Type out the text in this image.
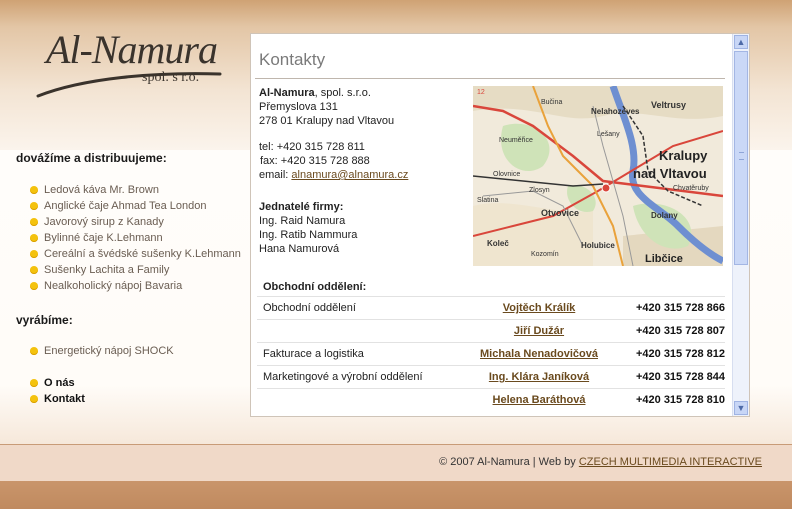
Al-Namura
spol. s r.o.
dovážíme a distribuujeme:
Ledová káva Mr. Brown
Anglické čaje Ahmad Tea London
Javorový sirup z Kanady
Bylinné čaje K.Lehmann
Cereální a švédské sušenky K.Lehmann
Sušenky Lachita a Family
Nealkoholický nápoj Bavaria
vyrábíme:
Energetický nápoj SHOCK
O nás
Kontakt
Kontakty
Al-Namura, spol. s.r.o.
Přemyslova 131
278 01 Kralupy nad Vltavou
tel: +420 315 728 811
fax: +420 315 728 888
email: alnamura@alnamura.cz
Jednatelé firmy:
Ing. Raid Namura
Ing. Ratib Nammura
Hana Namurová
12
Veltrusy
Nelahozeves
Bučina
Lešany
Neuměřice
Kralupy
nad Vltavou
Olovnice
Chvatěruby
Zlosyn
Slatina
Otvovice	Dolany
Holubice
Koleč
Kozomín	Libčice
Obchodní oddělení:
Obchodní oddělení	Vojtěch Králík	+420 315 728 866
	Jiří Dužár	+420 315 728 807
Fakturace a logistika	Michala Nenadovičová	+420 315 728 812
Marketingové a výrobní oddělení	Ing. Klára Janíková	+420 315 728 844
	Helena Baráthová	+420 315 728 810
▲
▼
© 2007 Al-Namura | Web by CZECH MULTIMEDIA INTERACTIVE
